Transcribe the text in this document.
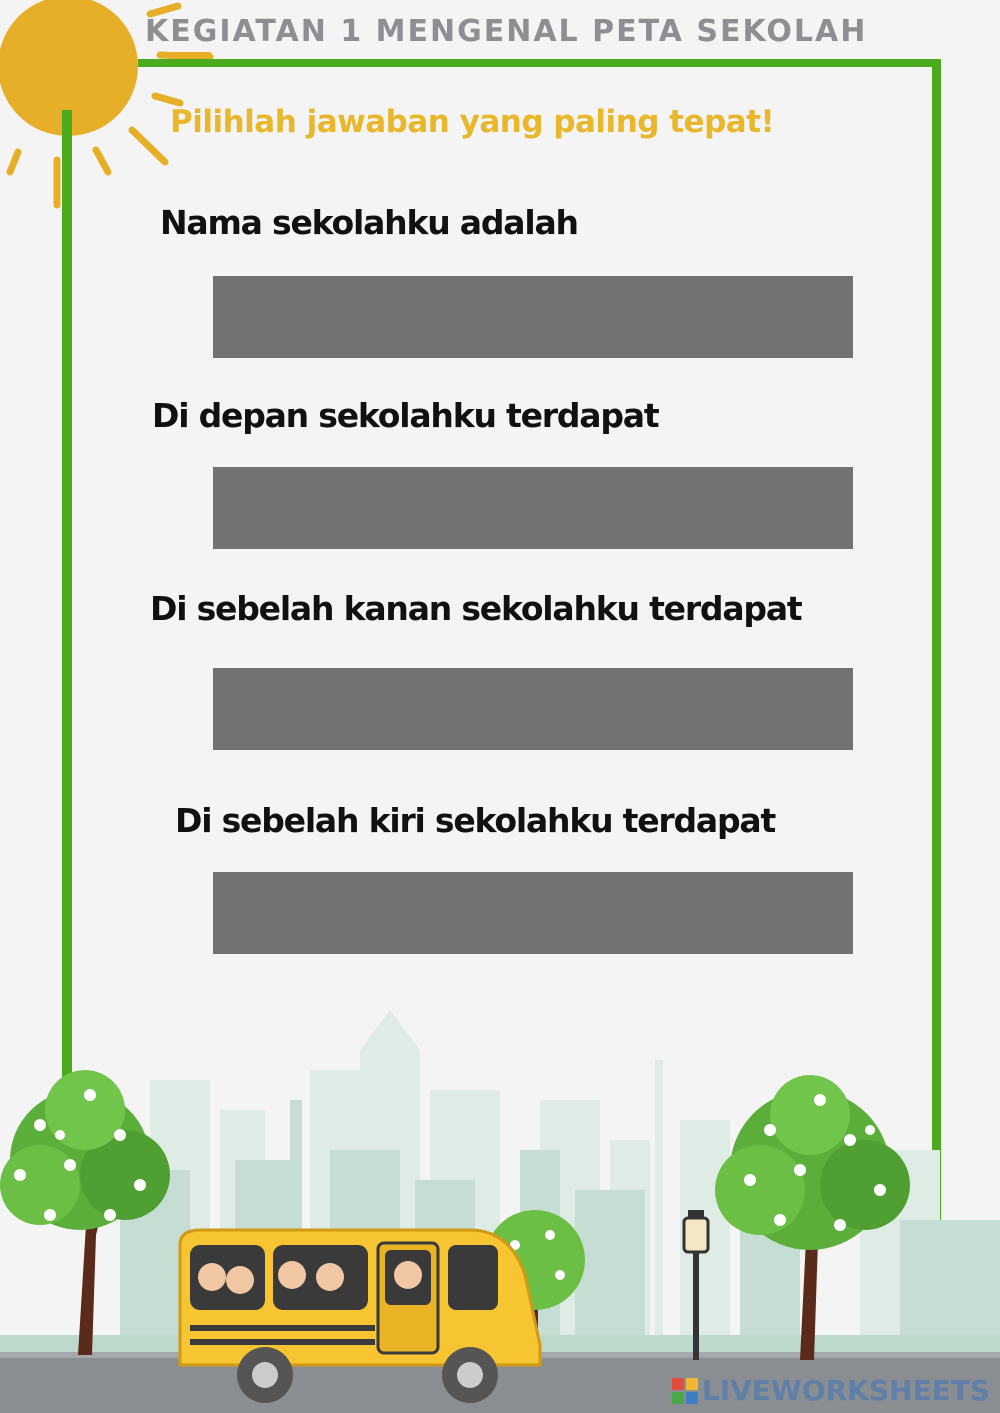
KEGIATAN 1 MENGENAL PETA SEKOLAH
Pilihlah jawaban yang paling tepat!
Nama sekolahku adalah
Di depan sekolahku terdapat
Di sebelah kanan sekolahku terdapat
Di sebelah kiri sekolahku terdapat
LIVEWORKSHEETS
